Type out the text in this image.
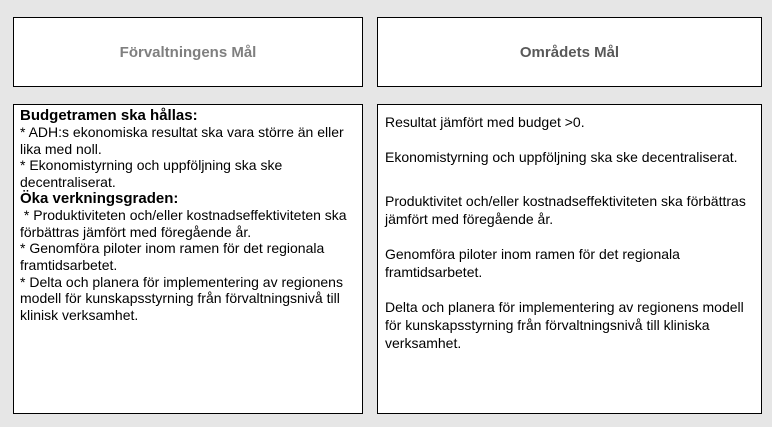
Förvaltningens Mål	Områdets Mål
Budgetramen ska hållas:
* ADH:s ekonomiska resultat ska vara större än eller lika med noll.
* Ekonomistyrning och uppföljning ska ske decentraliserat.
Öka verkningsgraden:
* Produktiviteten och/eller kostnadseffektiviteten ska förbättras jämfört med föregående år.
* Genomföra piloter inom ramen för det regionala framtidsarbetet.
* Delta och planera för implementering av regionens modell för kunskapsstyrning från förvaltningsnivå till klinisk verksamhet.

Resultat jämfört med budget >0.

Ekonomistyrning och uppföljning ska ske decentraliserat.

Produktivitet och/eller kostnadseffektiviteten ska förbättras jämfört med föregående år.

Genomföra piloter inom ramen för det regionala framtidsarbetet.

Delta och planera för implementering av regionens modell för kunskapsstyrning från förvaltningsnivå till kliniska verksamhet.
